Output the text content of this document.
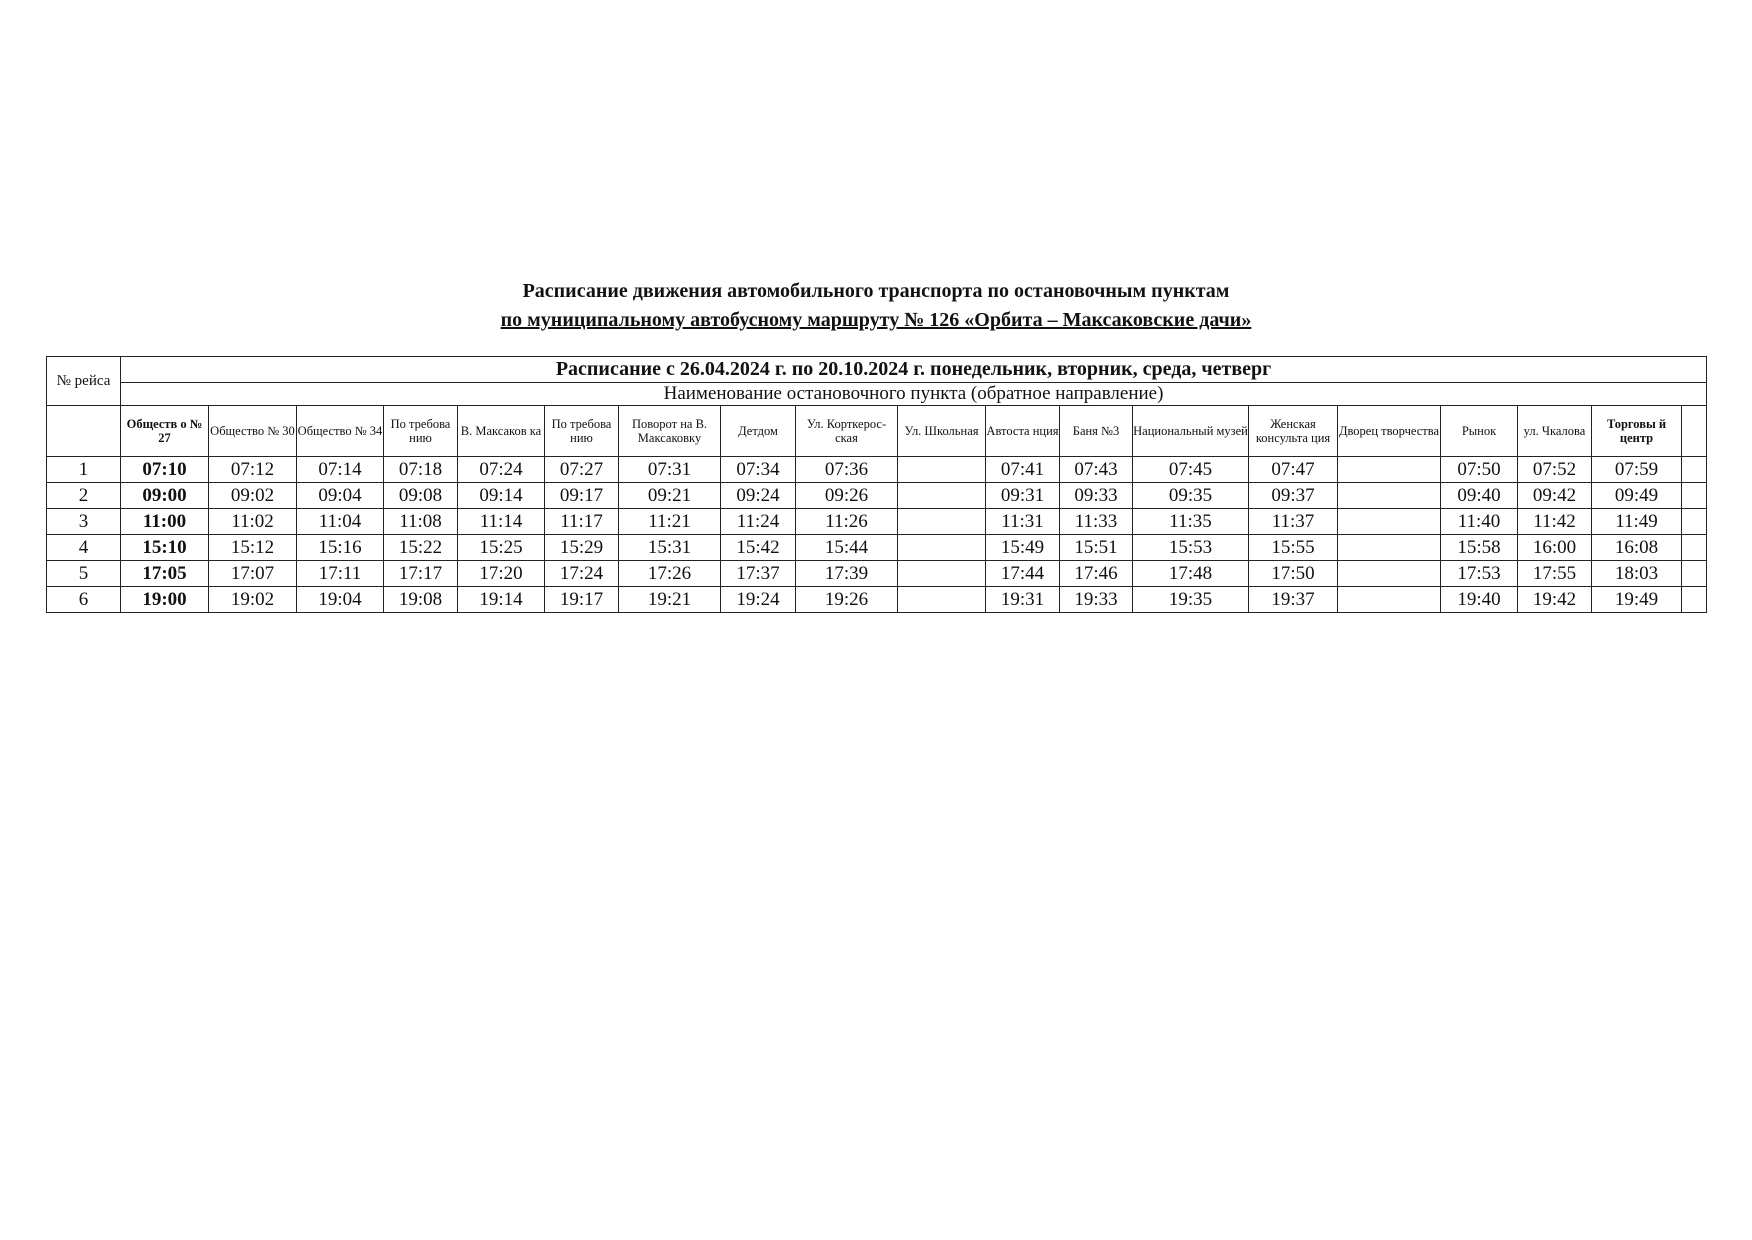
Расписание движения автомобильного транспорта по остановочным пунктам
по муниципальному автобусному маршруту № 126 «Орбита – Максаковские дачи»
№ рейса	Расписание с 26.04.2024 г. по 20.10.2024 г. понедельник, вторник, среда, четверг																		
	Наименование остановочного пункта (обратное направление)																		
	Обществ о № 27	Общество № 30	Общество № 34	По требова нию	В. Максаков ка	По требова нию	Поворот на В. Максаковку	Детдом	Ул. Корткерос-ская	Ул. Школьная	Автоста нция	Баня №3	Национальный музей	Женская консульта ция	Дворец творчества	Рынок	ул. Чкалова	Торговы й центр	
1	07:10	07:12	07:14	07:18	07:24	07:27	07:31	07:34	07:36		07:41	07:43	07:45	07:47		07:50	07:52	07:59	
2	09:00	09:02	09:04	09:08	09:14	09:17	09:21	09:24	09:26		09:31	09:33	09:35	09:37		09:40	09:42	09:49	
3	11:00	11:02	11:04	11:08	11:14	11:17	11:21	11:24	11:26		11:31	11:33	11:35	11:37		11:40	11:42	11:49	
4	15:10	15:12	15:16	15:22	15:25	15:29	15:31	15:42	15:44		15:49	15:51	15:53	15:55		15:58	16:00	16:08	
5	17:05	17:07	17:11	17:17	17:20	17:24	17:26	17:37	17:39		17:44	17:46	17:48	17:50		17:53	17:55	18:03	
6	19:00	19:02	19:04	19:08	19:14	19:17	19:21	19:24	19:26		19:31	19:33	19:35	19:37		19:40	19:42	19:49	
